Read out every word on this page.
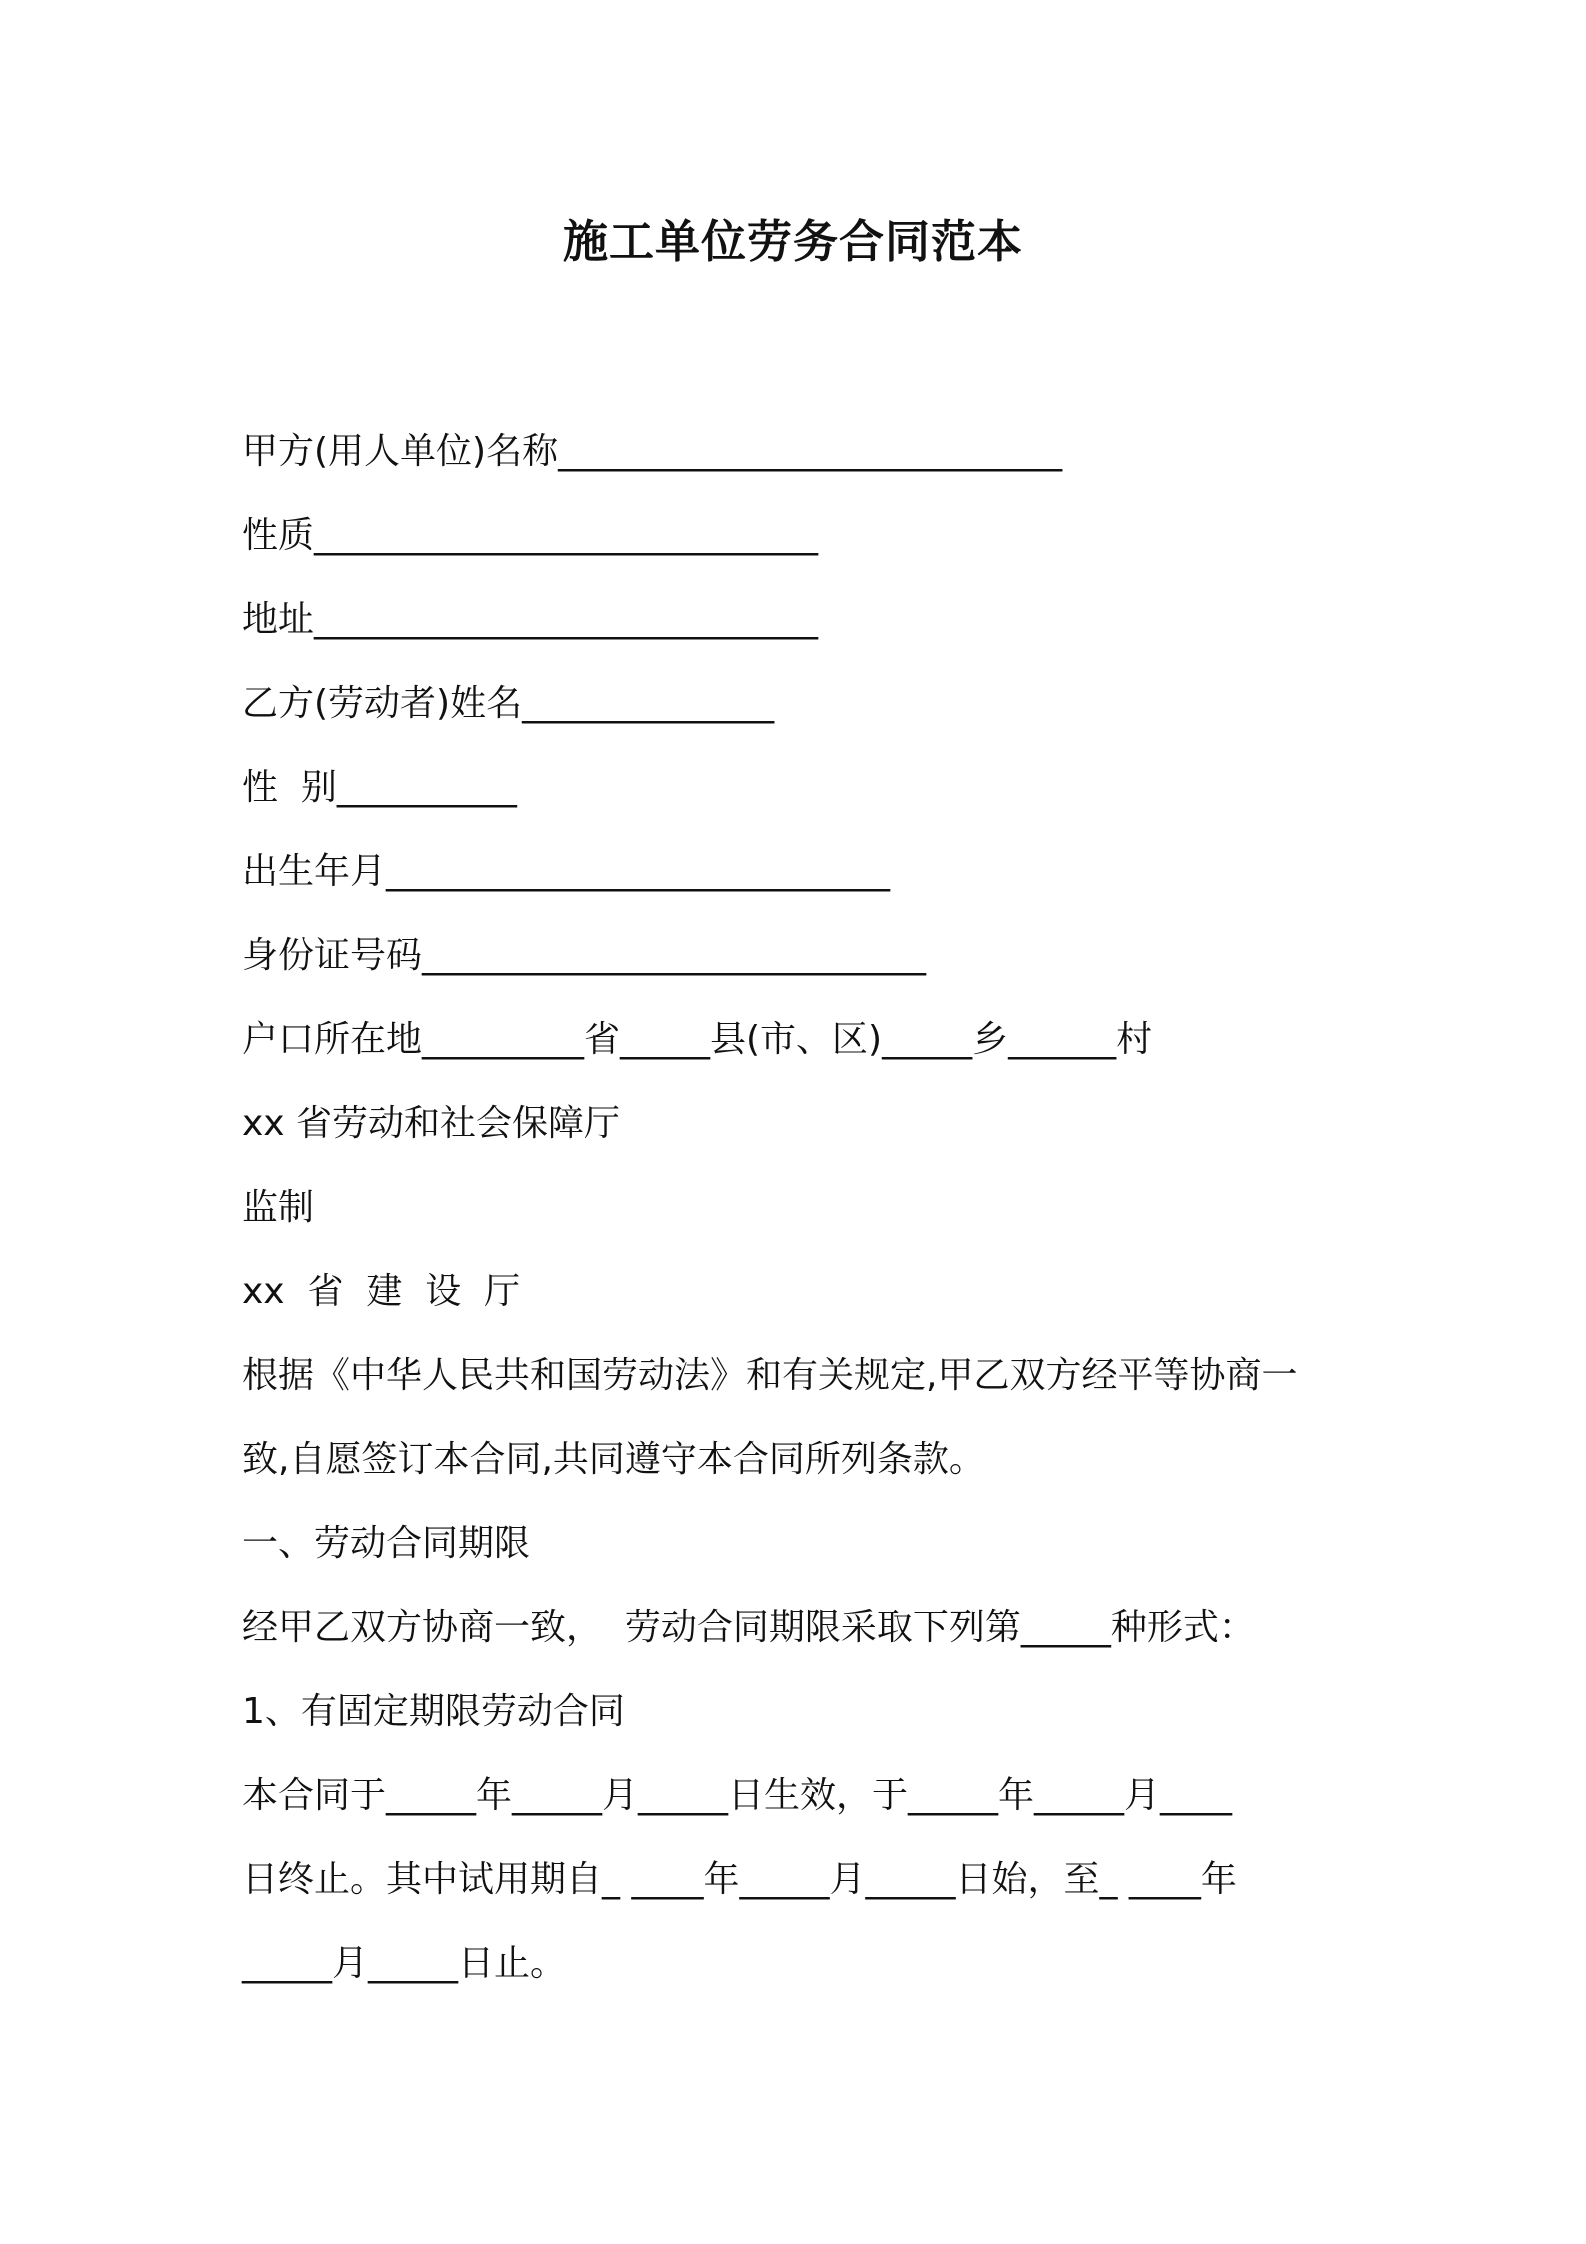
施工单位劳务合同范本
甲方(用人单位)名称____________________________
性质____________________________
地址____________________________
乙方(劳动者)姓名______________
性  别__________
出生年月____________________________
身份证号码____________________________
户口所在地_________省_____县(市、区)_____乡______村
xx 省劳动和社会保障厅
监制
xx  省  建  设  厅
根据《中华人民共和国劳动法》和有关规定,甲乙双方经平等协商一
致,自愿签订本合同,共同遵守本合同所列条款。
一、劳动合同期限
经甲乙双方协商一致，  劳动合同期限采取下列第_____种形式：
1、有固定期限劳动合同
本合同于_____年_____月_____日生效，于_____年_____月____
日终止。其中试用期自_ ____年_____月_____日始，至_ ____年
_____月_____日止。
